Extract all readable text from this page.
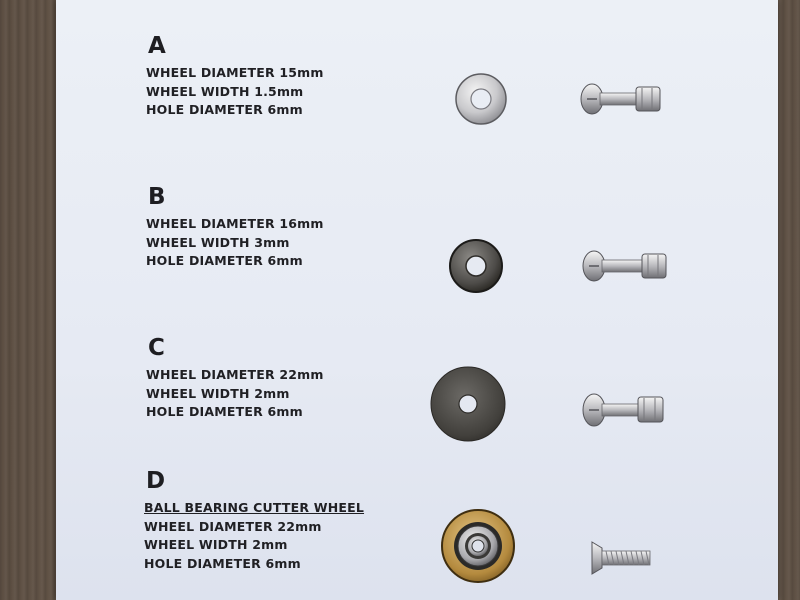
A
WHEEL DIAMETER 15mm
WHEEL WIDTH 1.5mm
HOLE DIAMETER 6mm
B
WHEEL DIAMETER 16mm
WHEEL WIDTH 3mm
HOLE DIAMETER 6mm
C
WHEEL DIAMETER 22mm
WHEEL WIDTH 2mm
HOLE DIAMETER 6mm
D
BALL BEARING CUTTER WHEEL
WHEEL DIAMETER 22mm
WHEEL WIDTH 2mm
HOLE DIAMETER 6mm
